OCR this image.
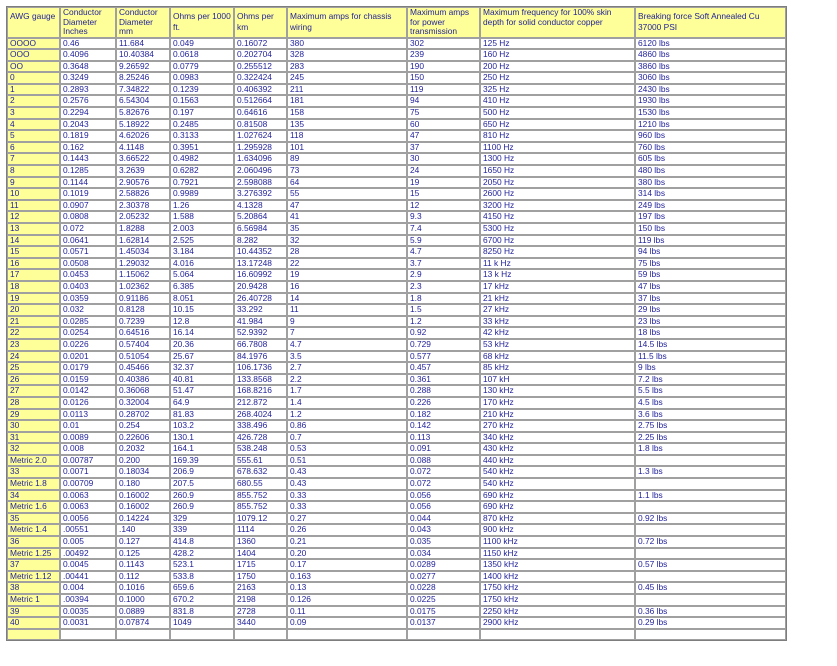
AWG gauge	Conductor Diameter Inches	Conductor Diameter mm	Ohms per 1000 ft.	Ohms per km	Maximum amps for chassis wiring	Maximum amps for power transmission	Maximum frequency for 100% skin depth for solid conductor copper	Breaking force Soft Annealed Cu 37000 PSI
OOOO	0.46	11.684	0.049	0.16072	380	302	125 Hz	6120 lbs
OOO	0.4096	10.40384	0.0618	0.202704	328	239	160 Hz	4860 lbs
OO	0.3648	9.26592	0.0779	0.255512	283	190	200 Hz	3860 lbs
0	0.3249	8.25246	0.0983	0.322424	245	150	250 Hz	3060 lbs
1	0.2893	7.34822	0.1239	0.406392	211	119	325 Hz	2430 lbs
2	0.2576	6.54304	0.1563	0.512664	181	94	410 Hz	1930 lbs
3	0.2294	5.82676	0.197	0.64616	158	75	500 Hz	1530 lbs
4	0.2043	5.18922	0.2485	0.81508	135	60	650 Hz	1210 lbs
5	0.1819	4.62026	0.3133	1.027624	118	47	810 Hz	960 lbs
6	0.162	4.1148	0.3951	1.295928	101	37	1100 Hz	760 lbs
7	0.1443	3.66522	0.4982	1.634096	89	30	1300 Hz	605 lbs
8	0.1285	3.2639	0.6282	2.060496	73	24	1650 Hz	480 lbs
9	0.1144	2.90576	0.7921	2.598088	64	19	2050 Hz	380 lbs
10	0.1019	2.58826	0.9989	3.276392	55	15	2600 Hz	314 lbs
11	0.0907	2.30378	1.26	4.1328	47	12	3200 Hz	249 lbs
12	0.0808	2.05232	1.588	5.20864	41	9.3	4150 Hz	197 lbs
13	0.072	1.8288	2.003	6.56984	35	7.4	5300 Hz	150 lbs
14	0.0641	1.62814	2.525	8.282	32	5.9	6700 Hz	119 lbs
15	0.0571	1.45034	3.184	10.44352	28	4.7	8250 Hz	94 lbs
16	0.0508	1.29032	4.016	13.17248	22	3.7	11 k Hz	75 lbs
17	0.0453	1.15062	5.064	16.60992	19	2.9	13 k Hz	59 lbs
18	0.0403	1.02362	6.385	20.9428	16	2.3	17 kHz	47 lbs
19	0.0359	0.91186	8.051	26.40728	14	1.8	21 kHz	37 lbs
20	0.032	0.8128	10.15	33.292	11	1.5	27 kHz	29 lbs
21	0.0285	0.7239	12.8	41.984	9	1.2	33 kHz	23 lbs
22	0.0254	0.64516	16.14	52.9392	7	0.92	42 kHz	18 lbs
23	0.0226	0.57404	20.36	66.7808	4.7	0.729	53 kHz	14.5 lbs
24	0.0201	0.51054	25.67	84.1976	3.5	0.577	68 kHz	11.5 lbs
25	0.0179	0.45466	32.37	106.1736	2.7	0.457	85 kHz	9 lbs
26	0.0159	0.40386	40.81	133.8568	2.2	0.361	107 kH	7.2 lbs
27	0.0142	0.36068	51.47	168.8216	1.7	0.288	130 kHz	5.5 lbs
28	0.0126	0.32004	64.9	212.872	1.4	0.226	170 kHz	4.5 lbs
29	0.0113	0.28702	81.83	268.4024	1.2	0.182	210 kHz	3.6 lbs
30	0.01	0.254	103.2	338.496	0.86	0.142	270 kHz	2.75 lbs
31	0.0089	0.22606	130.1	426.728	0.7	0.113	340 kHz	2.25 lbs
32	0.008	0.2032	164.1	538.248	0.53	0.091	430 kHz	1.8 lbs
Metric 2.0	0.00787	0.200	169.39	555.61	0.51	0.088	440 kHz	
33	0.0071	0.18034	206.9	678.632	0.43	0.072	540 kHz	1.3 lbs
Metric 1.8	0.00709	0.180	207.5	680.55	0.43	0.072	540 kHz	
34	0.0063	0.16002	260.9	855.752	0.33	0.056	690 kHz	1.1 lbs
Metric 1.6	0.0063	0.16002	260.9	855.752	0.33	0.056	690 kHz	
35	0.0056	0.14224	329	1079.12	0.27	0.044	870 kHz	0.92 lbs
Metric 1.4	.00551	.140	339	1114	0.26	0.043	900 kHz	
36	0.005	0.127	414.8	1360	0.21	0.035	1100 kHz	0.72 lbs
Metric 1.25	.00492	0.125	428.2	1404	0.20	0.034	1150 kHz	
37	0.0045	0.1143	523.1	1715	0.17	0.0289	1350 kHz	0.57 lbs
Metric 1.12	.00441	0.112	533.8	1750	0.163	0.0277	1400 kHz	
38	0.004	0.1016	659.6	2163	0.13	0.0228	1750 kHz	0.45 lbs
Metric 1	.00394	0.1000	670.2	2198	0.126	0.0225	1750 kHz	
39	0.0035	0.0889	831.8	2728	0.11	0.0175	2250 kHz	0.36 lbs
40	0.0031	0.07874	1049	3440	0.09	0.0137	2900 kHz	0.29 lbs
